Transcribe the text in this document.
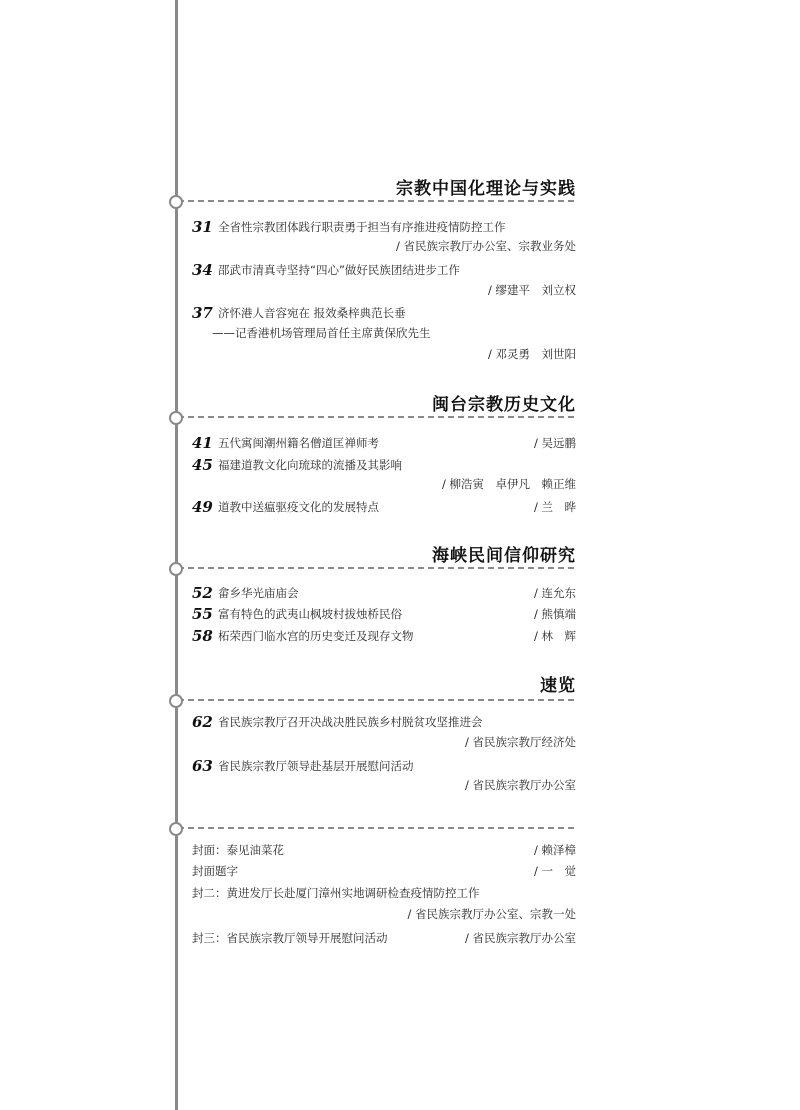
宗教中国化理论与实践
31 全省性宗教团体践行职责勇于担当有序推进疫情防控工作
/ 省民族宗教厅办公室、宗教业务处
34 邵武市清真寺坚持“四心”做好民族团结进步工作
/ 缪建平　刘立权
37 济怀港人音容宛在 报效桑梓典范长垂
——记香港机场管理局首任主席黄保欣先生
/ 邓灵勇　刘世阳
闽台宗教历史文化
41 五代寓闽潮州籍名僧道匡禅师考	/ 吴远鹏
45 福建道教文化向琉球的流播及其影响
/ 柳浩寅　卓伊凡　赖正维
49 道教中送瘟驱疫文化的发展特点	/ 兰　晔
海峡民间信仰研究
52 畲乡华光庙庙会	/ 连允东
55 富有特色的武夷山枫坡村拔烛桥民俗	/ 熊慎端
58 柘荣西门临水宫的历史变迁及现存文物	/ 林　辉
速览
62 省民族宗教厅召开决战决胜民族乡村脱贫攻坚推进会
/ 省民族宗教厅经济处
63 省民族宗教厅领导赴基层开展慰问活动
/ 省民族宗教厅办公室
封面：泰见油菜花	/ 赖泽樟
封面题字	/ 一　觉
封二：黄进发厅长赴厦门漳州实地调研检查疫情防控工作
/ 省民族宗教厅办公室、宗教一处
封三：省民族宗教厅领导开展慰问活动	/ 省民族宗教厅办公室
